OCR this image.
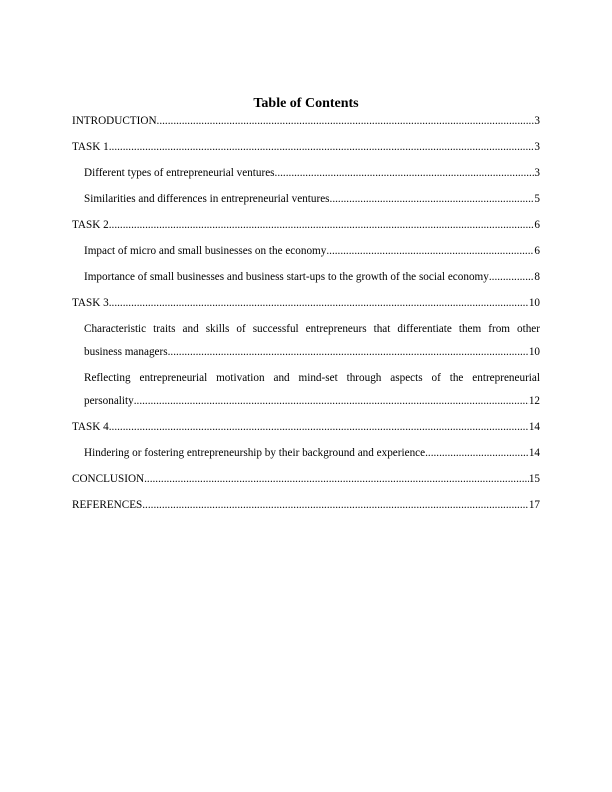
Table of Contents
INTRODUCTION .....	3
TASK 1 .....	3
Different types of entrepreneurial ventures .....	3
Similarities and differences in entrepreneurial ventures .....	5
TASK 2 .....	6
Impact of micro and small businesses on the economy .....	6
Importance of small businesses and business start-ups to the growth of the social economy .....	8
TASK 3 .....	10
Characteristic traits and skills of successful entrepreneurs that differentiate them from other
business managers .....	10
Reflecting entrepreneurial motivation and mind-set through aspects of the entrepreneurial
personality .....	12
TASK 4 .....	14
Hindering or fostering entrepreneurship by their background and experience .....	14
CONCLUSION .....	15
REFERENCES .....	17
